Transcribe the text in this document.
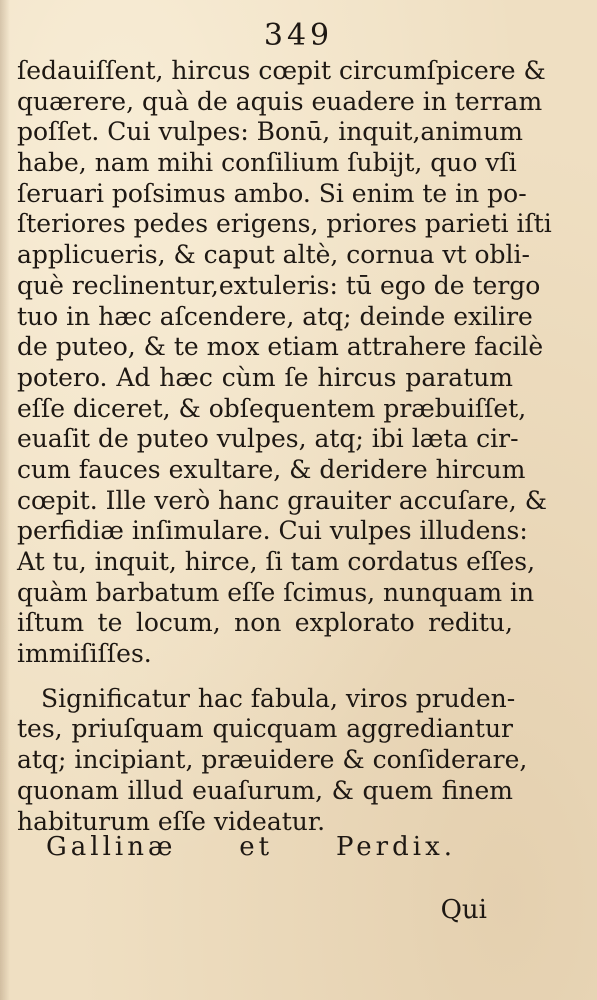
349
ſedauiſſent, hircus cœpit circumſpicere &
quærere, quà de aquis euadere in terram
poſſet. Cui vulpes: Bonū, inquit,animum
habe, nam mihi conſilium ſubijt, quo vſi
ſeruari poſsimus ambo. Si enim te in po-
ſteriores pedes erigens, priores parieti iſti
applicueris, & caput altè, cornua vt obli-
què reclinentur,extuleris: tū ego de tergo
tuo in hæc aſcendere, atq; deinde exilire
de puteo, & te mox etiam attrahere facilè
potero. Ad hæc cùm ſe hircus paratum
eſſe diceret, & obſequentem præbuiſſet,
euaſit de puteo vulpes, atq; ibi læta cir-
cum fauces exultare, & deridere hircum
cœpit. Ille verò hanc grauiter accuſare, &
perfidiæ inſimulare. Cui vulpes illudens:
At tu, inquit, hirce, ſi tam cordatus eſſes,
quàm barbatum eſſe ſcimus, nunquam in
iſtum te locum, non explorato reditu,
immiſiſſes.
Significatur hac fabula, viros pruden-
tes, priuſquam quicquam aggrediantur
atq; incipiant, præuidere & conſiderare,
quonam illud euaſurum, & quem finem
habiturum eſſe videatur.
Gallinæ et Perdix.
Qui
